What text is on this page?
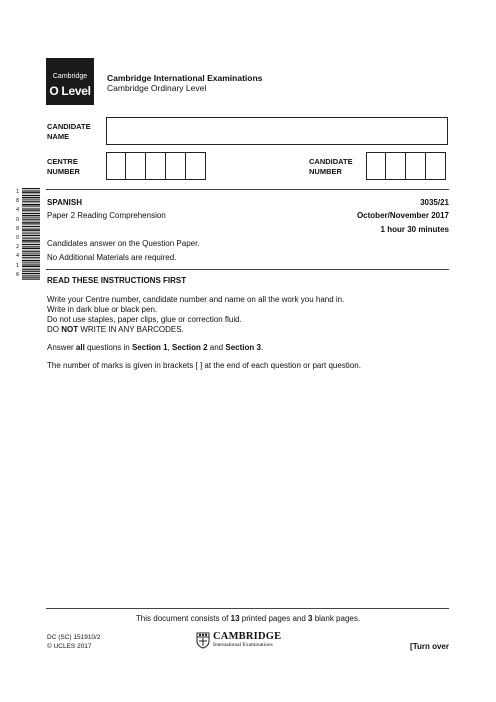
Cambridge
O Level
Cambridge International Examinations
Cambridge Ordinary Level
CANDIDATE
NAME
CENTRE
NUMBER
CANDIDATE
NUMBER
1 8 4 0 8 0 2 4 1 6
SPANISH	3035/21
Paper 2 Reading Comprehension	October/November 2017
1 hour 30 minutes
Candidates answer on the Question Paper.
No Additional Materials are required.
READ THESE INSTRUCTIONS FIRST
Write your Centre number, candidate number and name on all the work you hand in.
Write in dark blue or black pen.
Do not use staples, paper clips, glue or correction fluid.
DO NOT WRITE IN ANY BARCODES.
Answer all questions in Section 1, Section 2 and Section 3.
The number of marks is given in brackets [ ] at the end of each question or part question.
This document consists of 13 printed pages and 3 blank pages.
DC (SC) 151910/2
© UCLES 2017
CAMBRIDGE
International Examinations	[Turn over
